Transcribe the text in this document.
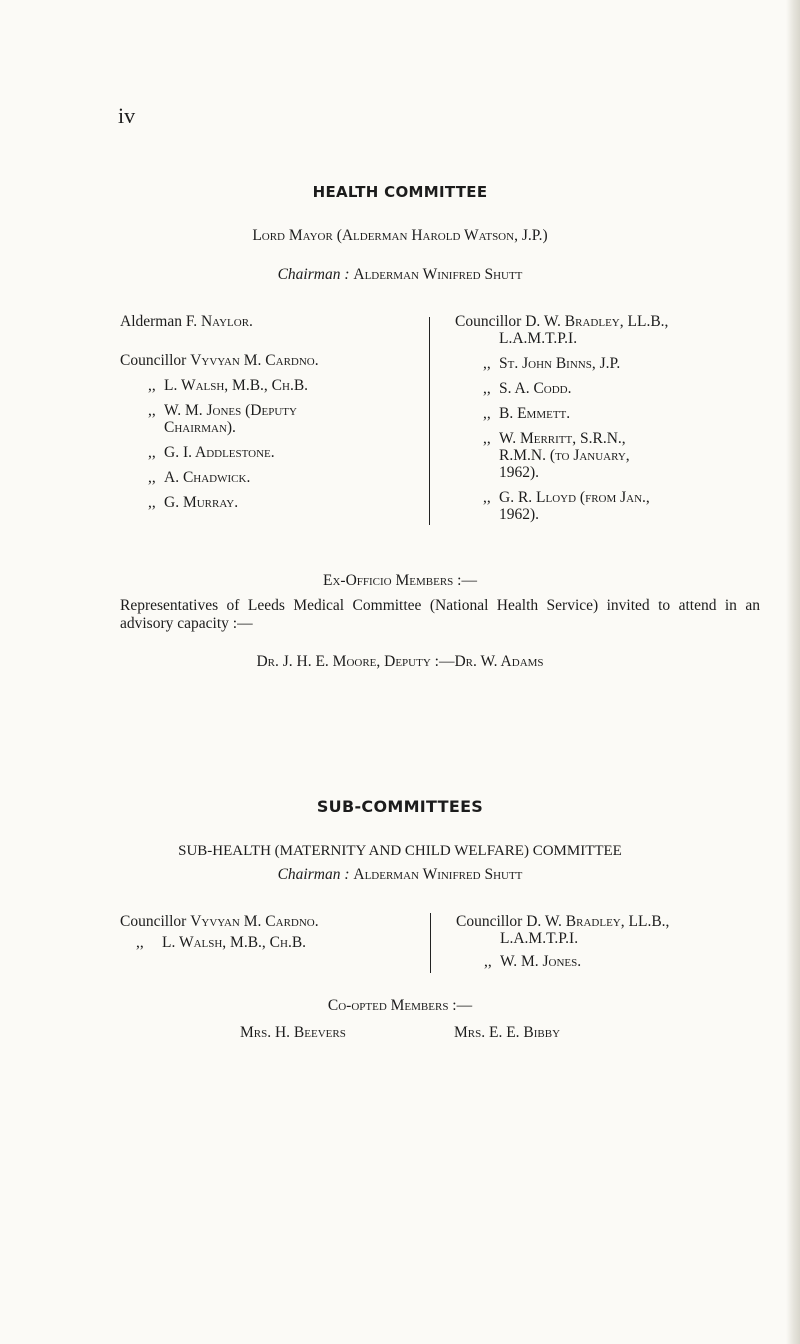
iv
HEALTH COMMITTEE
Lord Mayor (Alderman Harold Watson, J.P.)
Chairman : Alderman Winifred Shutt
Alderman F. Naylor.
Councillor Vyvyan M. Cardno.
,, L. Walsh, M.B., Ch.B.
,, W. M. Jones (Deputy
Chairman).
,, G. I. Addlestone.
,, A. Chadwick.
,, G. Murray.
Councillor D. W. Bradley, LL.B.,
L.A.M.T.P.I.
,, St. John Binns, J.P.
,, S. A. Codd.
,, B. Emmett.
,, W. Merritt, S.R.N.,
R.M.N. (to January,
1962).
,, G. R. Lloyd (from Jan.,
1962).
Ex-Officio Members :—
Representatives of Leeds Medical Committee (National Health Service) invited to attend in an advisory capacity :—
Dr. J. H. E. Moore, Deputy :—Dr. W. Adams
SUB-COMMITTEES
SUB-HEALTH (MATERNITY AND CHILD WELFARE) COMMITTEE
Chairman : Alderman Winifred Shutt
Councillor Vyvyan M. Cardno.
,, L. Walsh, M.B., Ch.B.
Councillor D. W. Bradley, LL.B.,
L.A.M.T.P.I.
,, W. M. Jones.
Co-opted Members :—
Mrs. H. Beevers	Mrs. E. E. Bibby
